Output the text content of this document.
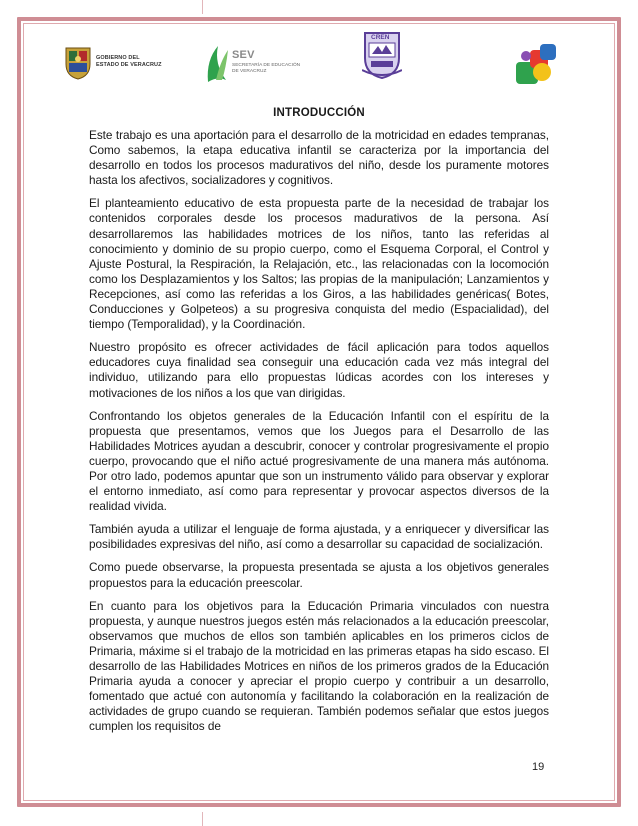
GOBIERNO DEL
ESTADO DE VERACRUZ
SEV
SECRETARÍA DE EDUCACIÓN
DE VERACRUZ
CREN
INTRODUCCIÓN

Este trabajo es una aportación para el desarrollo de la motricidad en edades tempranas, Como sabemos, la etapa educativa infantil se caracteriza por la importancia del desarrollo en todos los procesos madurativos del niño, desde los puramente motores hasta los afectivos, socializadores y cognitivos.

El planteamiento educativo de esta propuesta parte de la necesidad de trabajar los contenidos corporales desde los procesos madurativos de la persona. Así desarrollaremos las habilidades motrices de los niños, tanto las referidas al conocimiento y dominio de su propio cuerpo, como el Esquema Corporal, el Control y Ajuste Postural, la Respiración, la Relajación, etc., las relacionadas con la locomoción como los Desplazamientos y los Saltos; las propias de la manipulación; Lanzamientos y Recepciones, así como las referidas a los Giros, a las habilidades genéricas( Botes, Conducciones y Golpeteos) a su progresiva conquista del medio (Espacialidad), del tiempo (Temporalidad), y la Coordinación.

Nuestro propósito es ofrecer actividades de fácil aplicación para todos aquellos educadores cuya finalidad sea conseguir una educación cada vez más integral del individuo, utilizando para ello propuestas lúdicas acordes con los intereses y motivaciones de los niños a los que van dirigidas.

Confrontando los objetos generales de la Educación Infantil con el espíritu de la propuesta que presentamos, vemos que los Juegos para el Desarrollo de las Habilidades Motrices ayudan a descubrir, conocer y controlar progresivamente el propio cuerpo, provocando que el niño actué progresivamente de una manera más autónoma. Por otro lado, podemos apuntar que son un instrumento válido para observar y explorar el entorno inmediato, así como para representar y provocar aspectos diversos de la realidad vivida.

También ayuda a utilizar el lenguaje de forma ajustada, y a enriquecer y diversificar las posibilidades expresivas del niño, así como a desarrollar su capacidad de socialización.

Como puede observarse, la propuesta presentada se ajusta a los objetivos generales propuestos para la educación preescolar.

En cuanto para los objetivos para la Educación Primaria vinculados con nuestra propuesta, y aunque nuestros juegos estén más relacionados a la educación preescolar, observamos que muchos de ellos son también aplicables en los primeros ciclos de Primaria, máxime si el trabajo de la motricidad en las primeras etapas ha sido escaso. El desarrollo de las Habilidades Motrices en niños de los primeros grados de la Educación Primaria ayuda a conocer y apreciar el propio cuerpo y contribuir a un desarrollo, fomentado que actué con autonomía y facilitando la colaboración en la realización de actividades de grupo cuando se requieran. También podemos señalar que estos juegos cumplen los requisitos de

19
